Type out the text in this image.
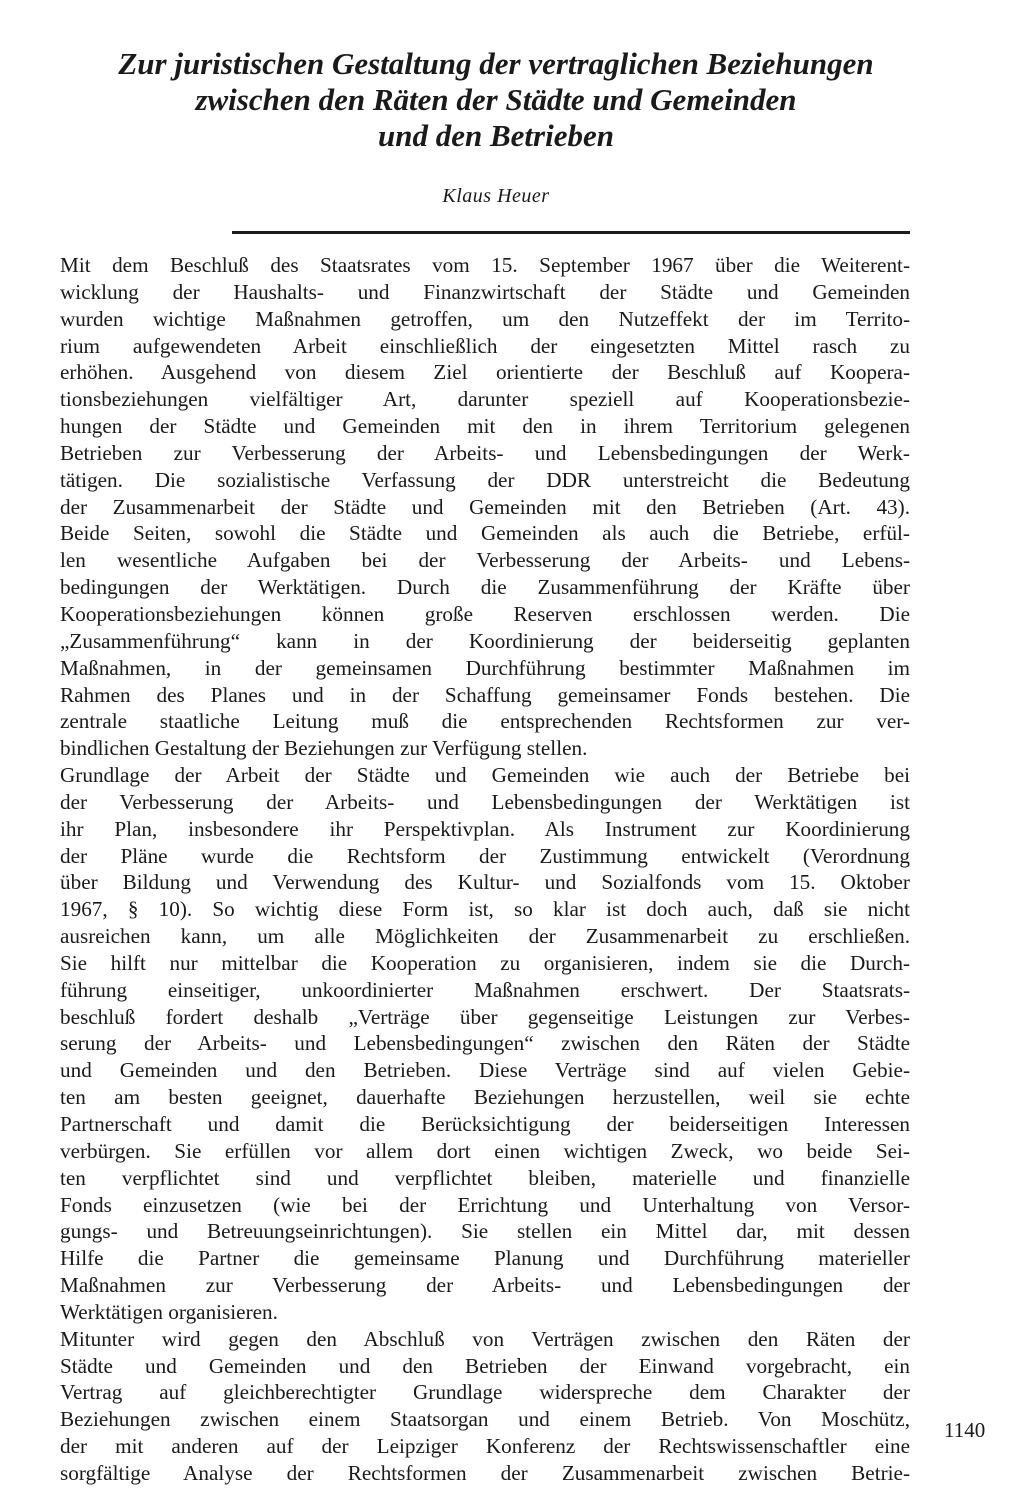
Zur juristischen Gestaltung der vertraglichen Beziehungen
zwischen den Räten der Städte und Gemeinden
und den Betrieben
Klaus Heuer
Mit dem Beschluß des Staatsrates vom 15. September 1967 über die Weiterent-
wicklung der Haushalts- und Finanzwirtschaft der Städte und Gemeinden
wurden wichtige Maßnahmen getroffen, um den Nutzeffekt der im Territo-
rium aufgewendeten Arbeit einschließlich der eingesetzten Mittel rasch zu
erhöhen. Ausgehend von diesem Ziel orientierte der Beschluß auf Koopera-
tionsbeziehungen vielfältiger Art, darunter speziell auf Kooperationsbezie-
hungen der Städte und Gemeinden mit den in ihrem Territorium gelegenen
Betrieben zur Verbesserung der Arbeits- und Lebensbedingungen der Werk-
tätigen. Die sozialistische Verfassung der DDR unterstreicht die Bedeutung
der Zusammenarbeit der Städte und Gemeinden mit den Betrieben (Art. 43).
Beide Seiten, sowohl die Städte und Gemeinden als auch die Betriebe, erfül-
len wesentliche Aufgaben bei der Verbesserung der Arbeits- und Lebens-
bedingungen der Werktätigen. Durch die Zusammenführung der Kräfte über
Kooperationsbeziehungen können große Reserven erschlossen werden. Die
„Zusammenführung“ kann in der Koordinierung der beiderseitig geplanten
Maßnahmen, in der gemeinsamen Durchführung bestimmter Maßnahmen im
Rahmen des Planes und in der Schaffung gemeinsamer Fonds bestehen. Die
zentrale staatliche Leitung muß die entsprechenden Rechtsformen zur ver-
bindlichen Gestaltung der Beziehungen zur Verfügung stellen.
Grundlage der Arbeit der Städte und Gemeinden wie auch der Betriebe bei
der Verbesserung der Arbeits- und Lebensbedingungen der Werktätigen ist
ihr Plan, insbesondere ihr Perspektivplan. Als Instrument zur Koordinierung
der Pläne wurde die Rechtsform der Zustimmung entwickelt (Verordnung
über Bildung und Verwendung des Kultur- und Sozialfonds vom 15. Oktober
1967, § 10). So wichtig diese Form ist, so klar ist doch auch, daß sie nicht
ausreichen kann, um alle Möglichkeiten der Zusammenarbeit zu erschließen.
Sie hilft nur mittelbar die Kooperation zu organisieren, indem sie die Durch-
führung einseitiger, unkoordinierter Maßnahmen erschwert. Der Staatsrats-
beschluß fordert deshalb „Verträge über gegenseitige Leistungen zur Verbes-
serung der Arbeits- und Lebensbedingungen“ zwischen den Räten der Städte
und Gemeinden und den Betrieben. Diese Verträge sind auf vielen Gebie-
ten am besten geeignet, dauerhafte Beziehungen herzustellen, weil sie echte
Partnerschaft und damit die Berücksichtigung der beiderseitigen Interessen
verbürgen. Sie erfüllen vor allem dort einen wichtigen Zweck, wo beide Sei-
ten verpflichtet sind und verpflichtet bleiben, materielle und finanzielle
Fonds einzusetzen (wie bei der Errichtung und Unterhaltung von Versor-
gungs- und Betreuungseinrichtungen). Sie stellen ein Mittel dar, mit dessen
Hilfe die Partner die gemeinsame Planung und Durchführung materieller
Maßnahmen zur Verbesserung der Arbeits- und Lebensbedingungen der
Werktätigen organisieren.
Mitunter wird gegen den Abschluß von Verträgen zwischen den Räten der
Städte und Gemeinden und den Betrieben der Einwand vorgebracht, ein
Vertrag auf gleichberechtigter Grundlage widerspreche dem Charakter der
Beziehungen zwischen einem Staatsorgan und einem Betrieb. Von Moschütz,
der mit anderen auf der Leipziger Konferenz der Rechtswissenschaftler eine
sorgfältige Analyse der Rechtsformen der Zusammenarbeit zwischen Betrie-
1140
